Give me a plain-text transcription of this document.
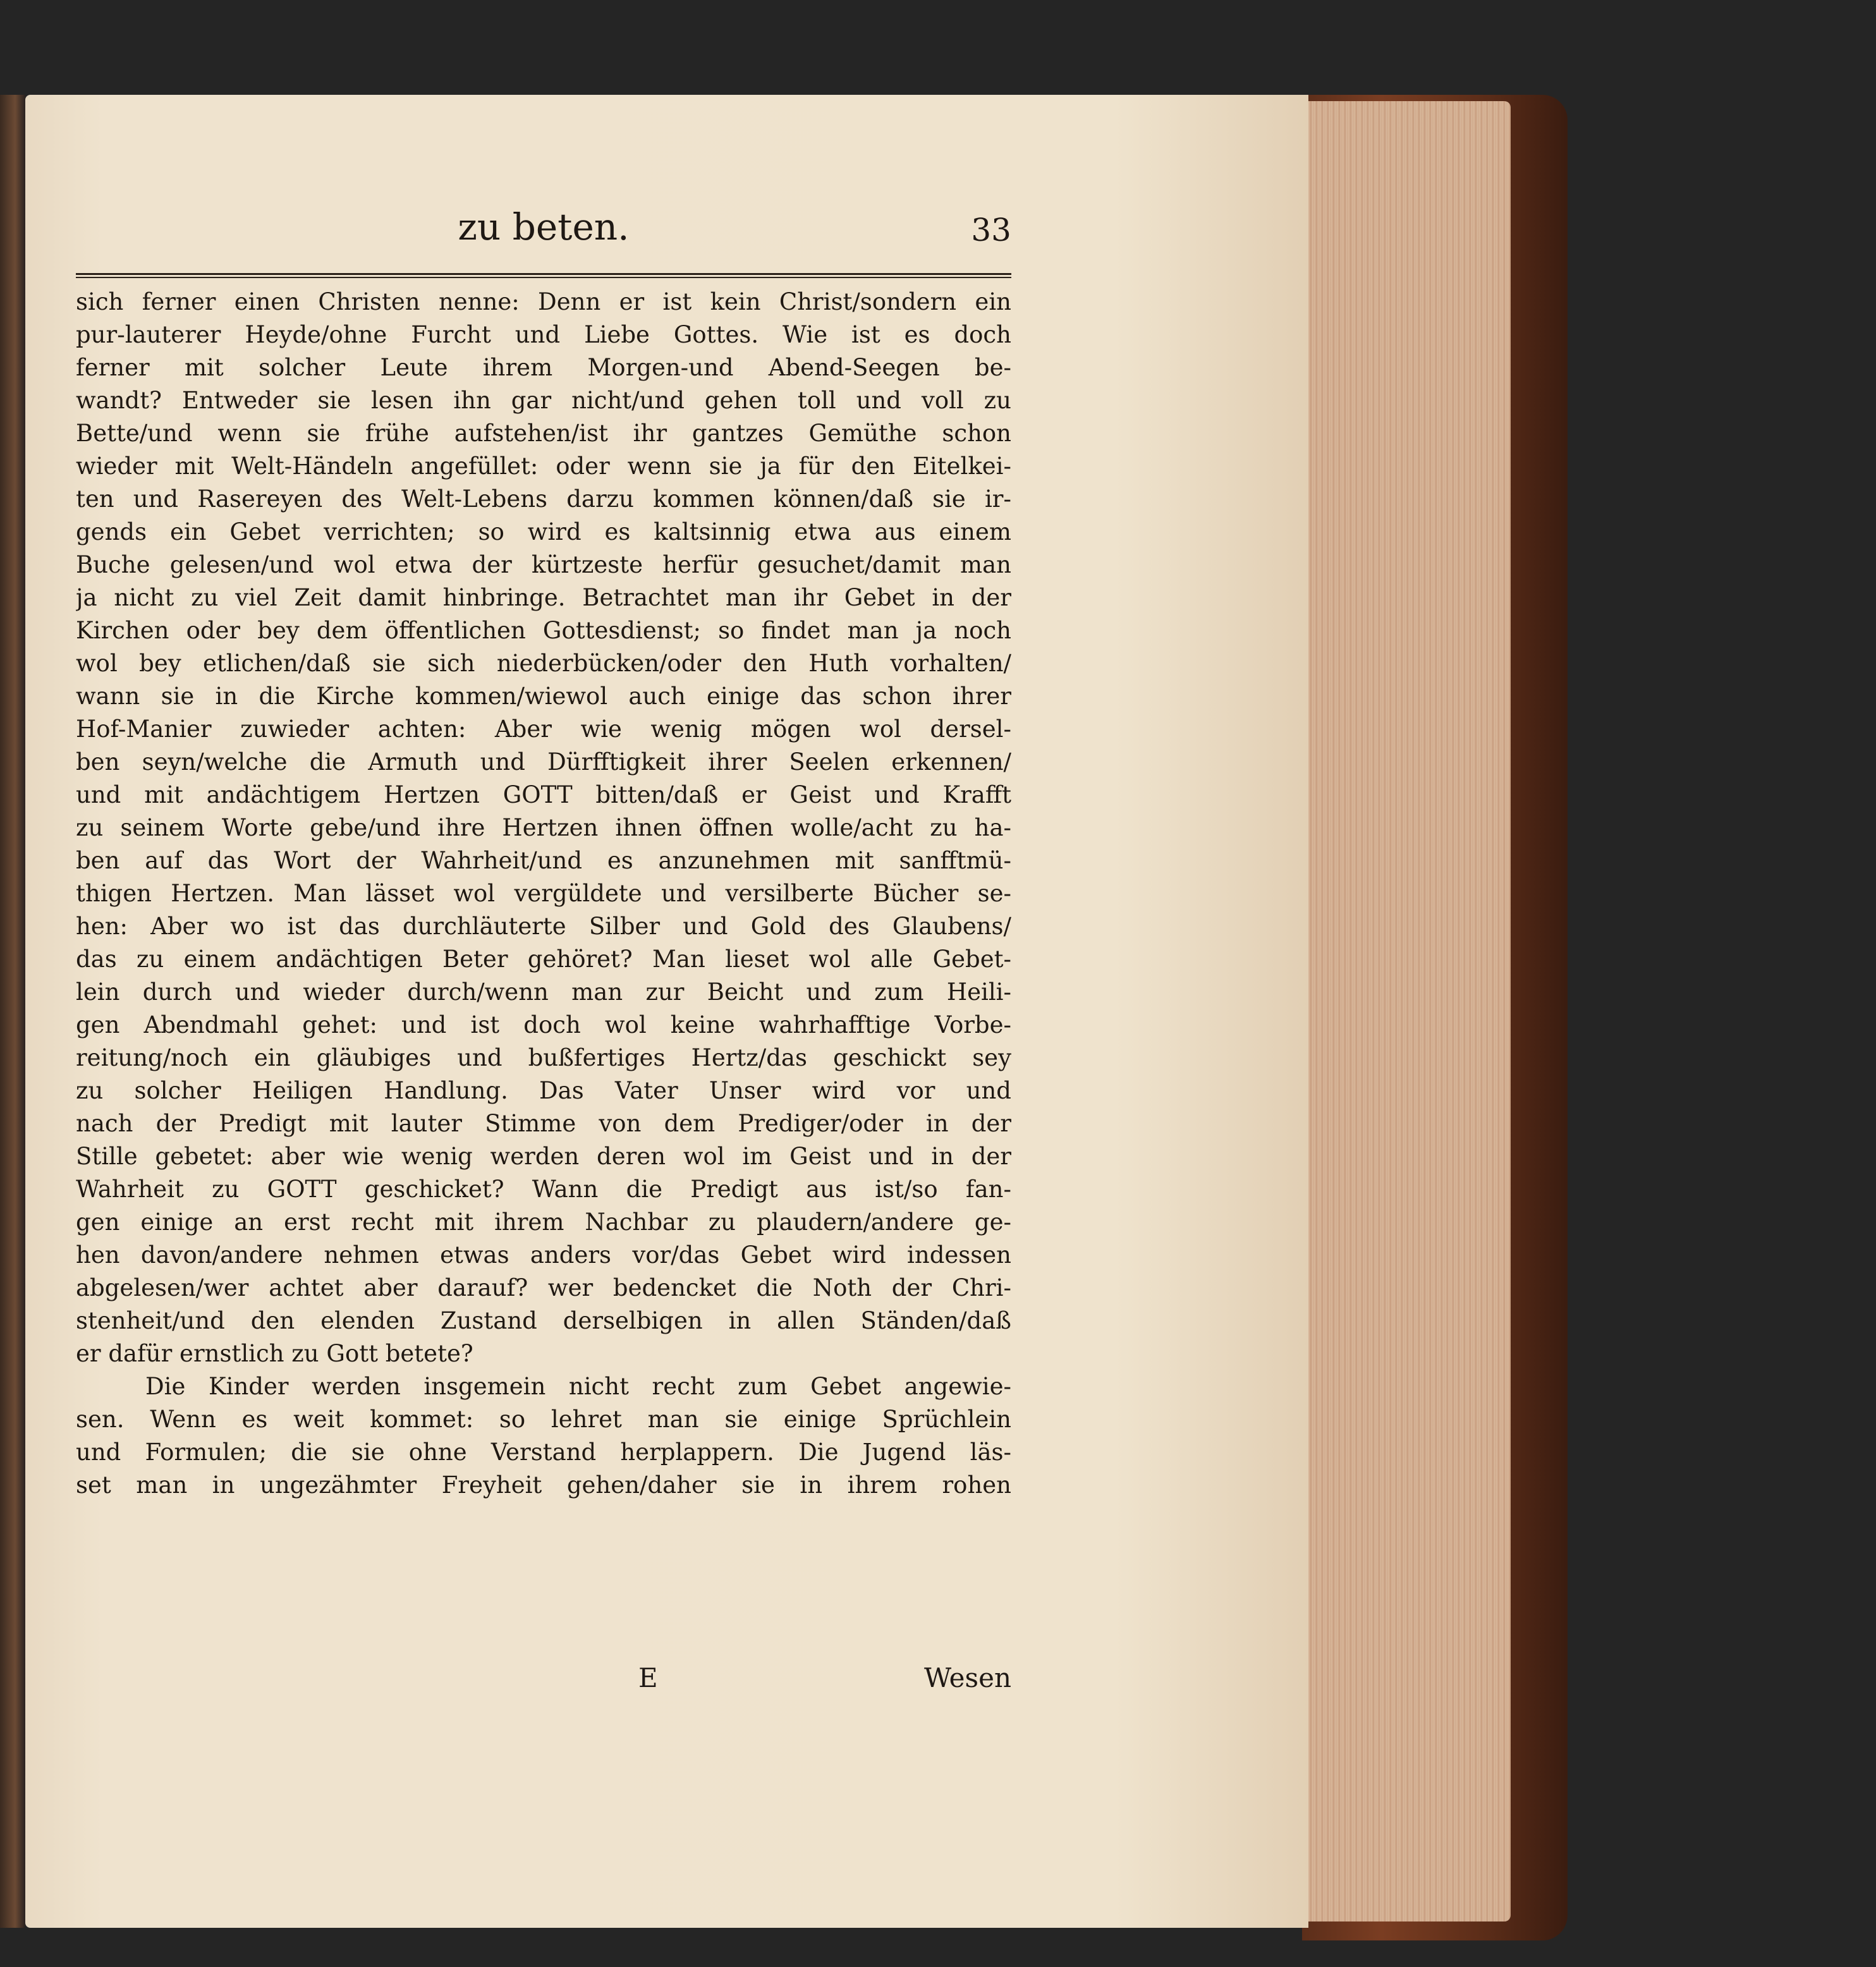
zu beten.	33
sich ferner einen Christen nenne: Denn er ist kein Christ/sondern ein
pur-lauterer Heyde/ohne Furcht und Liebe Gottes. Wie ist es doch
ferner mit solcher Leute ihrem Morgen-und Abend-Seegen be-
wandt? Entweder sie lesen ihn gar nicht/und gehen toll und voll zu
Bette/und wenn sie frühe aufstehen/ist ihr gantzes Gemüthe schon
wieder mit Welt-Händeln angefüllet: oder wenn sie ja für den Eitelkei-
ten und Rasereyen des Welt-Lebens darzu kommen können/daß sie ir-
gends ein Gebet verrichten; so wird es kaltsinnig etwa aus einem
Buche gelesen/und wol etwa der kürtzeste herfür gesuchet/damit man
ja nicht zu viel Zeit damit hinbringe. Betrachtet man ihr Gebet in der
Kirchen oder bey dem öffentlichen Gottesdienst; so findet man ja noch
wol bey etlichen/daß sie sich niederbücken/oder den Huth vorhalten/
wann sie in die Kirche kommen/wiewol auch einige das schon ihrer
Hof-Manier zuwieder achten: Aber wie wenig mögen wol dersel-
ben seyn/welche die Armuth und Dürfftigkeit ihrer Seelen erkennen/
und mit andächtigem Hertzen GOTT bitten/daß er Geist und Krafft
zu seinem Worte gebe/und ihre Hertzen ihnen öffnen wolle/acht zu ha-
ben auf das Wort der Wahrheit/und es anzunehmen mit sanfftmü-
thigen Hertzen. Man lässet wol vergüldete und versilberte Bücher se-
hen: Aber wo ist das durchläuterte Silber und Gold des Glaubens/
das zu einem andächtigen Beter gehöret? Man lieset wol alle Gebet-
lein durch und wieder durch/wenn man zur Beicht und zum Heili-
gen Abendmahl gehet: und ist doch wol keine wahrhafftige Vorbe-
reitung/noch ein gläubiges und bußfertiges Hertz/das geschickt sey
zu solcher Heiligen Handlung. Das Vater Unser wird vor und
nach der Predigt mit lauter Stimme von dem Prediger/oder in der
Stille gebetet: aber wie wenig werden deren wol im Geist und in der
Wahrheit zu GOTT geschicket? Wann die Predigt aus ist/so fan-
gen einige an erst recht mit ihrem Nachbar zu plaudern/andere ge-
hen davon/andere nehmen etwas anders vor/das Gebet wird indessen
abgelesen/wer achtet aber darauf? wer bedencket die Noth der Chri-
stenheit/und den elenden Zustand derselbigen in allen Ständen/daß
er dafür ernstlich zu Gott betete?
Die Kinder werden insgemein nicht recht zum Gebet angewie-
sen. Wenn es weit kommet: so lehret man sie einige Sprüchlein
und Formulen; die sie ohne Verstand herplappern. Die Jugend läs-
set man in ungezähmter Freyheit gehen/daher sie in ihrem rohen
E	Wesen
